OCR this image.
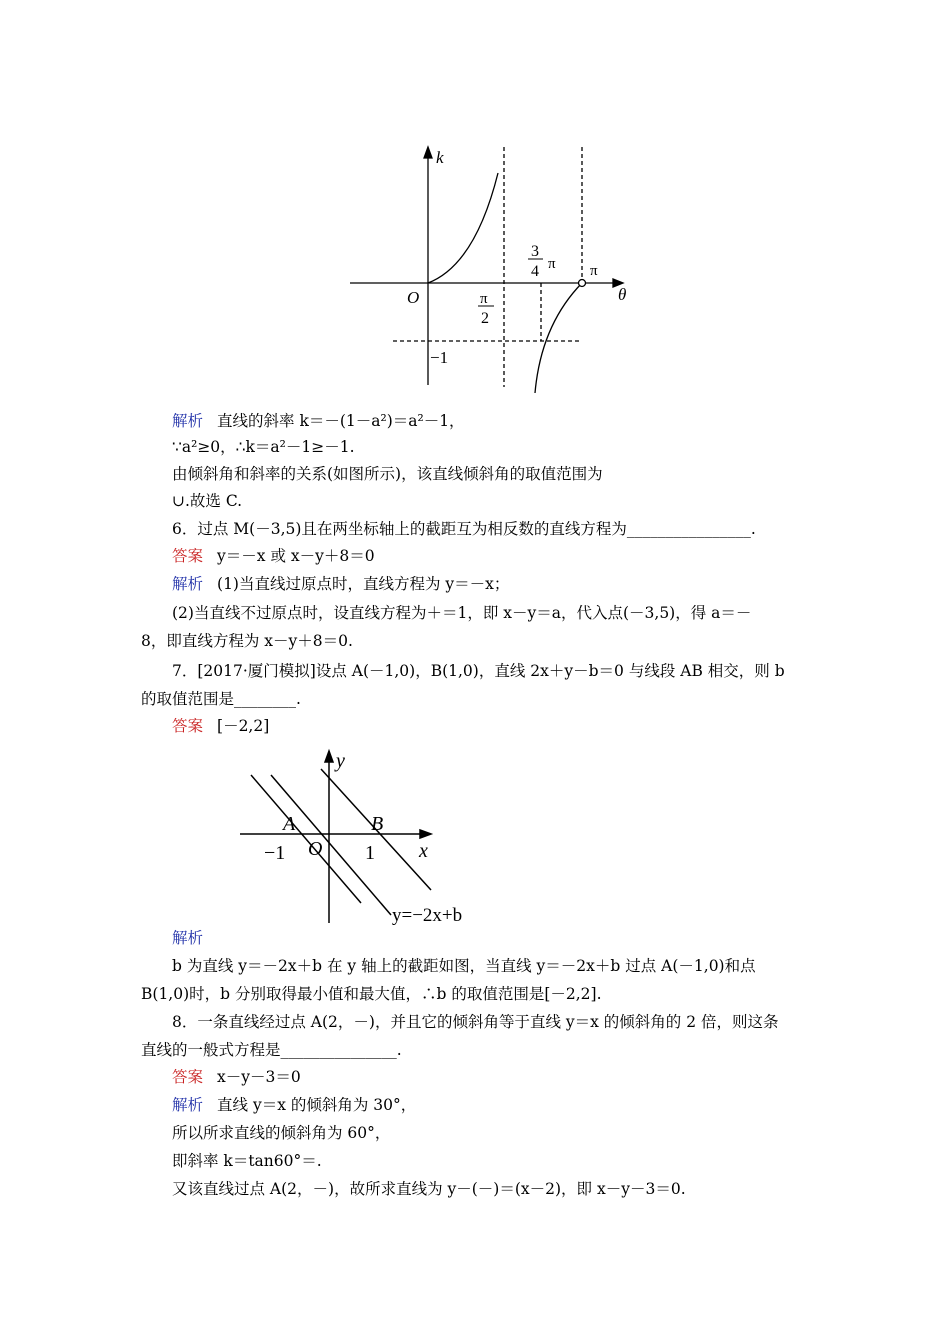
k
θ
O	π
2
3
4 π π
−1
解析 直线的斜率 k＝－(1－a²)＝a²－1，
∵a²≥0，∴k＝a²－1≥－1.
由倾斜角和斜率的关系(如图所示)，该直线倾斜角的取值范围为
∪.故选 C.
6．过点 M(－3,5)且在两坐标轴上的截距互为相反数的直线方程为________________.
答案 y＝－x 或 x－y＋8＝0
解析 (1)当直线过原点时，直线方程为 y＝－x；
(2)当直线不过原点时，设直线方程为＋＝1，即 x－y＝a，代入点(－3,5)，得 a＝－
8，即直线方程为 x－y＋8＝0.
7．[2017·厦门模拟]设点 A(－1,0)，B(1,0)，直线 2x＋y－b＝0 与线段 AB 相交，则 b
的取值范围是________.
答案 [－2,2]
y
x
A	B
−1 O 1
y=−2x+b
解析
b 为直线 y＝－2x＋b 在 y 轴上的截距如图，当直线 y＝－2x＋b 过点 A(－1,0)和点
B(1,0)时，b 分别取得最小值和最大值，∴b 的取值范围是[－2,2].
8．一条直线经过点 A(2，－)，并且它的倾斜角等于直线 y＝x 的倾斜角的 2 倍，则这条
直线的一般式方程是_______________.
答案 x－y－3＝0
解析 直线 y＝x 的倾斜角为 30°，
所以所求直线的倾斜角为 60°，
即斜率 k＝tan60°＝.
又该直线过点 A(2，－)，故所求直线为 y－(－)＝(x－2)，即 x－y－3＝0.
